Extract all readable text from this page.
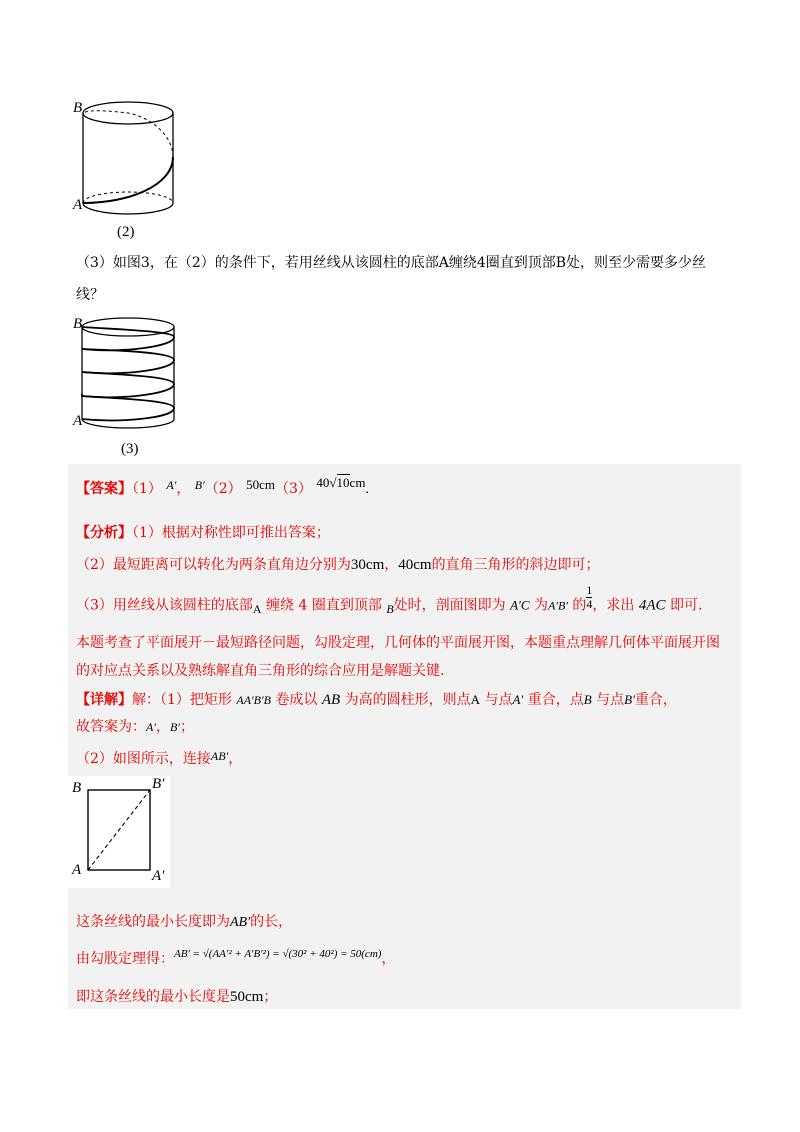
B
A
(2)
（3）如图3，在（2）的条件下，若用丝线从该圆柱的底部A缠绕4圈直到顶部B处，则至少需要多少丝
线？
B
A
(3)
【答案】（1） A′， B′（2） 50cm（3） 40√10cm.
【分析】（1）根据对称性即可推出答案；
（2）最短距离可以转化为两条直角边分别为30cm，40cm的直角三角形的斜边即可；
（3）用丝线从该圆柱的底部A 缠绕 4 圈直到顶部 B处时，剖面图即为 A′C 为A′B′ 的 $\frac{1}{4}$ ，求出 4AC 即可.
本题考查了平面展开－最短路径问题，勾股定理，几何体的平面展开图，本题重点理解几何体平面展开图
的对应点关系以及熟练解直角三角形的综合应用是解题关键.
【详解】解：（1）把矩形 AA′B′B 卷成以 AB 为高的圆柱形，则点A 与点A′ 重合，点B 与点B′重合，
故答案为：A′，B′；
（2）如图所示，连接AB′，
B	B′
A	A′
这条丝线的最小长度即为AB′的长，
由勾股定理得：$^{AB' = √(AA'^2 + A'B'^2) = √(30^2 + 40^2) = 50(cm)}$，
即这条丝线的最小长度是50cm；
